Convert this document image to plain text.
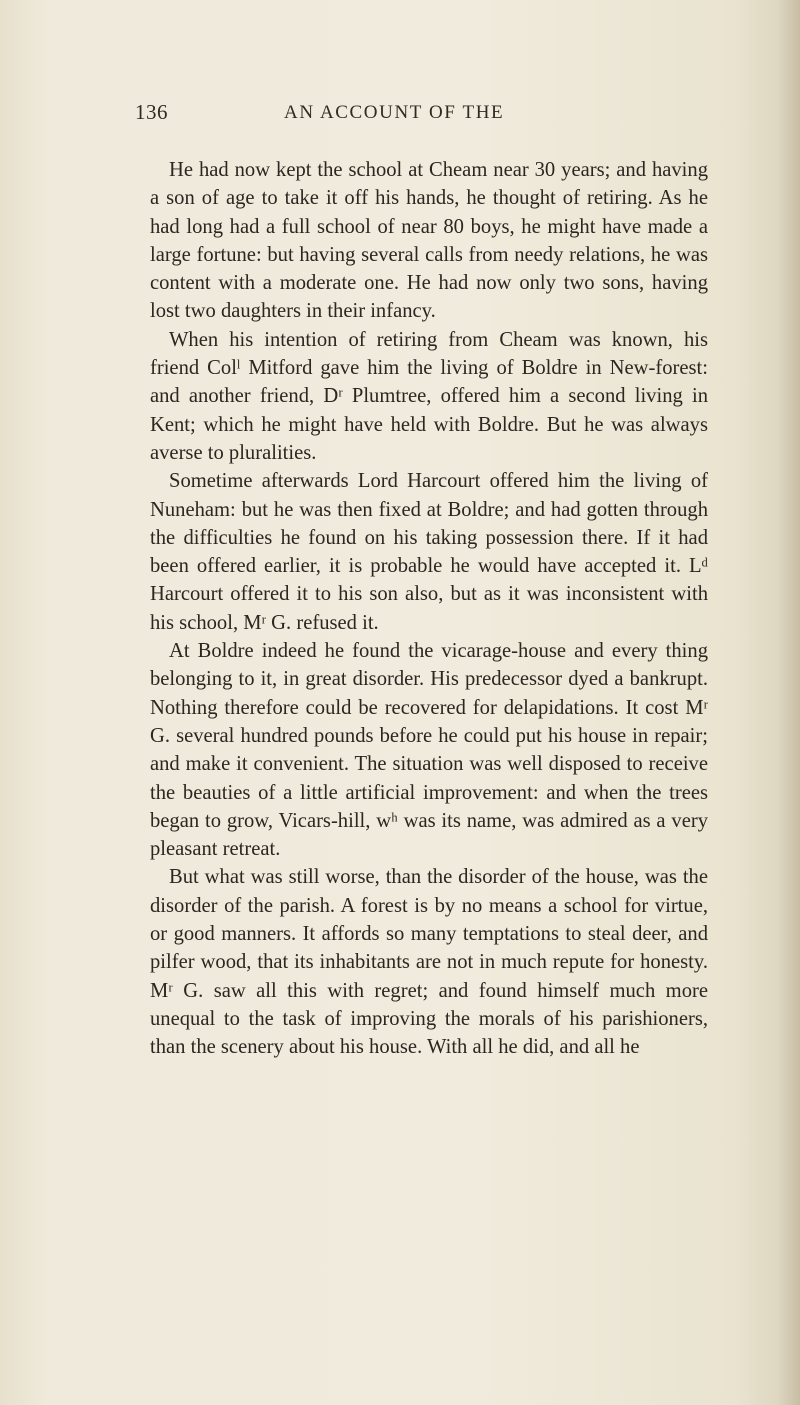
136	AN ACCOUNT OF THE

He had now kept the school at Cheam near 30 years; and having a son of age to take it off his hands, he thought of retiring. As he had long had a full school of near 80 boys, he might have made a large fortune: but having several calls from needy relations, he was content with a moderate one. He had now only two sons, having lost two daughters in their infancy.

When his intention of retiring from Cheam was known, his friend Colˡ Mitford gave him the living of Boldre in New-forest: and another friend, Dʳ Plumtree, offered him a second living in Kent; which he might have held with Boldre. But he was always averse to pluralities.

Sometime afterwards Lord Harcourt offered him the living of Nuneham: but he was then fixed at Boldre; and had gotten through the difficulties he found on his taking possession there. If it had been offered earlier, it is probable he would have accepted it. Lᵈ Harcourt offered it to his son also, but as it was inconsistent with his school, Mʳ G. refused it.

At Boldre indeed he found the vicarage-house and every thing belonging to it, in great disorder. His predecessor dyed a bankrupt. Nothing therefore could be recovered for delapidations. It cost Mʳ G. several hundred pounds before he could put his house in repair; and make it convenient. The situation was well disposed to receive the beauties of a little artificial improvement: and when the trees began to grow, Vicars-hill, wʰ was its name, was admired as a very pleasant retreat.

But what was still worse, than the disorder of the house, was the disorder of the parish. A forest is by no means a school for virtue, or good manners. It affords so many temptations to steal deer, and pilfer wood, that its inhabitants are not in much repute for honesty. Mʳ G. saw all this with regret; and found himself much more unequal to the task of improving the morals of his parishioners, than the scenery about his house. With all he did, and all he
